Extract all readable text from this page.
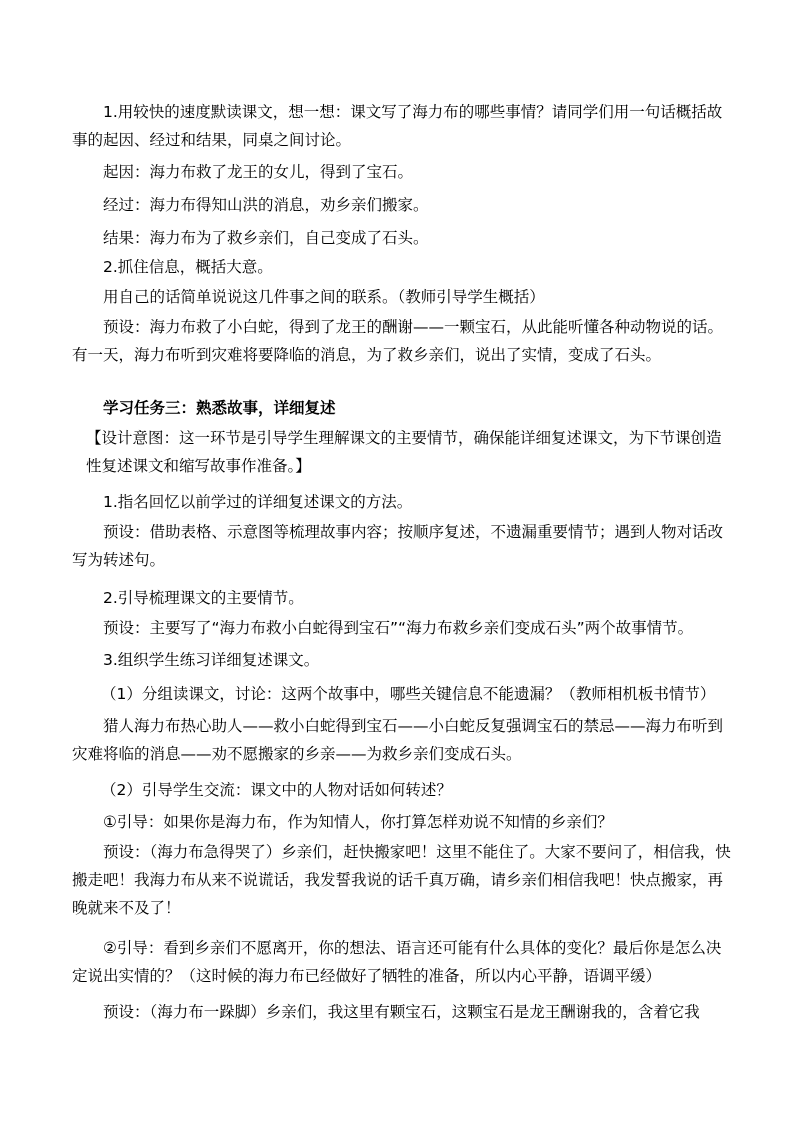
1.用较快的速度默读课文，想一想：课文写了海力布的哪些事情？请同学们用一句话概括故事的起因、经过和结果，同桌之间讨论。
起因：海力布救了龙王的女儿，得到了宝石。
经过：海力布得知山洪的消息，劝乡亲们搬家。
结果：海力布为了救乡亲们，自己变成了石头。
2.抓住信息，概括大意。
用自己的话简单说说这几件事之间的联系。（教师引导学生概括）
预设：海力布救了小白蛇，得到了龙王的酬谢——一颗宝石，从此能听懂各种动物说的话。有一天，海力布听到灾难将要降临的消息，为了救乡亲们，说出了实情，变成了石头。
学习任务三：熟悉故事，详细复述
【设计意图：这一环节是引导学生理解课文的主要情节，确保能详细复述课文，为下节课创造性复述课文和缩写故事作准备。】
1.指名回忆以前学过的详细复述课文的方法。
预设：借助表格、示意图等梳理故事内容；按顺序复述，不遗漏重要情节；遇到人物对话改写为转述句。
2.引导梳理课文的主要情节。
预设：主要写了“海力布救小白蛇得到宝石”“海力布救乡亲们变成石头”两个故事情节。
3.组织学生练习详细复述课文。
（1）分组读课文，讨论：这两个故事中，哪些关键信息不能遗漏？（教师相机板书情节）
猎人海力布热心助人——救小白蛇得到宝石——小白蛇反复强调宝石的禁忌——海力布听到灾难将临的消息——劝不愿搬家的乡亲——为救乡亲们变成石头。
（2）引导学生交流：课文中的人物对话如何转述？
①引导：如果你是海力布，作为知情人，你打算怎样劝说不知情的乡亲们？
预设：（海力布急得哭了）乡亲们，赶快搬家吧！这里不能住了。大家不要问了，相信我，快搬走吧！我海力布从来不说谎话，我发誓我说的话千真万确，请乡亲们相信我吧！快点搬家，再晚就来不及了！
②引导：看到乡亲们不愿离开，你的想法、语言还可能有什么具体的变化？最后你是怎么决定说出实情的？（这时候的海力布已经做好了牺牲的准备，所以内心平静，语调平缓）
预设：（海力布一跺脚）乡亲们，我这里有颗宝石，这颗宝石是龙王酬谢我的，含着它我
